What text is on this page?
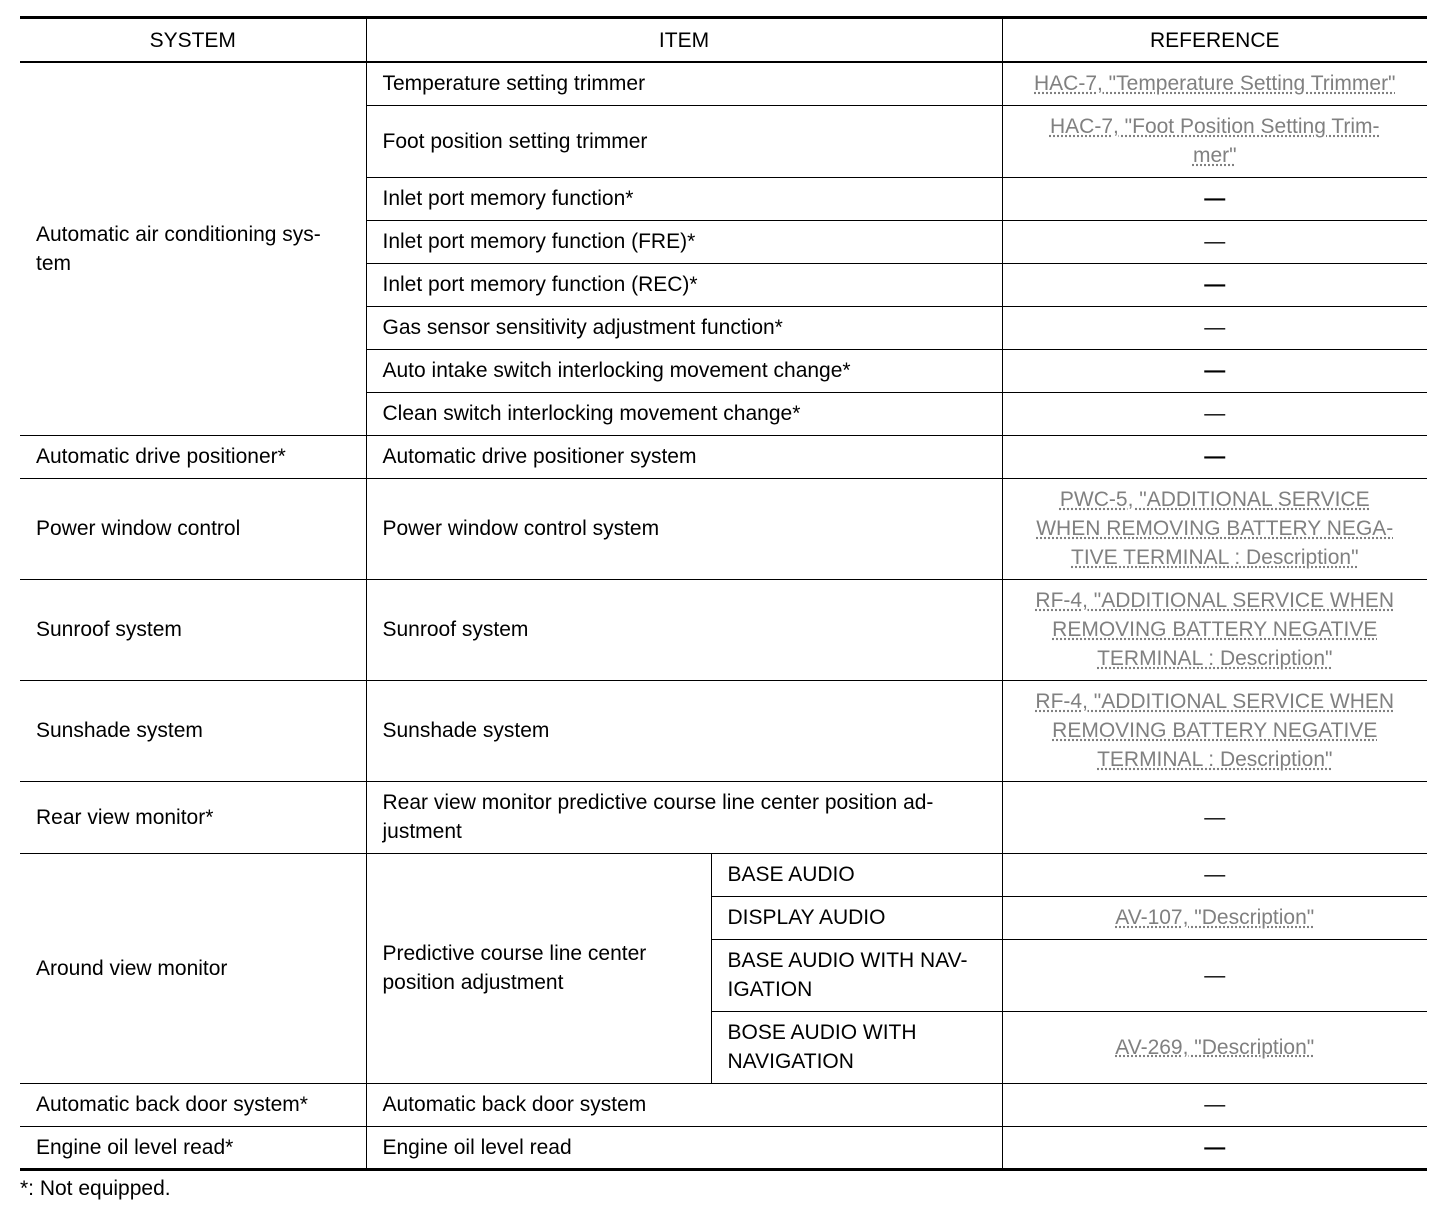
SYSTEM	ITEM		REFERENCE
Automatic air conditioning sys-
tem	Temperature setting trimmer		HAC-7, "Temperature Setting Trimmer"
	Foot position setting trimmer		HAC-7, "Foot Position Setting Trim-
mer"
	Inlet port memory function*		—
	Inlet port memory function (FRE)*		—
	Inlet port memory function (REC)*		—
	Gas sensor sensitivity adjustment function*		—
	Auto intake switch interlocking movement change*		—
	Clean switch interlocking movement change*		—
Automatic drive positioner*	Automatic drive positioner system		—
Power window control	Power window control system		PWC-5, "ADDITIONAL SERVICE
WHEN REMOVING BATTERY NEGA-
TIVE TERMINAL : Description"
Sunroof system	Sunroof system		RF-4, "ADDITIONAL SERVICE WHEN
REMOVING BATTERY NEGATIVE
TERMINAL : Description"
Sunshade system	Sunshade system		RF-4, "ADDITIONAL SERVICE WHEN
REMOVING BATTERY NEGATIVE
TERMINAL : Description"
Rear view monitor*	Rear view monitor predictive course line center position ad-
justment		—
Around view monitor	Predictive course line center
position adjustment	BASE AUDIO	—
		DISPLAY AUDIO	AV-107, "Description"
		BASE AUDIO WITH NAV-
IGATION	—
		BOSE AUDIO WITH
NAVIGATION	AV-269, "Description"
Automatic back door system*	Automatic back door system		—
Engine oil level read*	Engine oil level read		—
*: Not equipped.
